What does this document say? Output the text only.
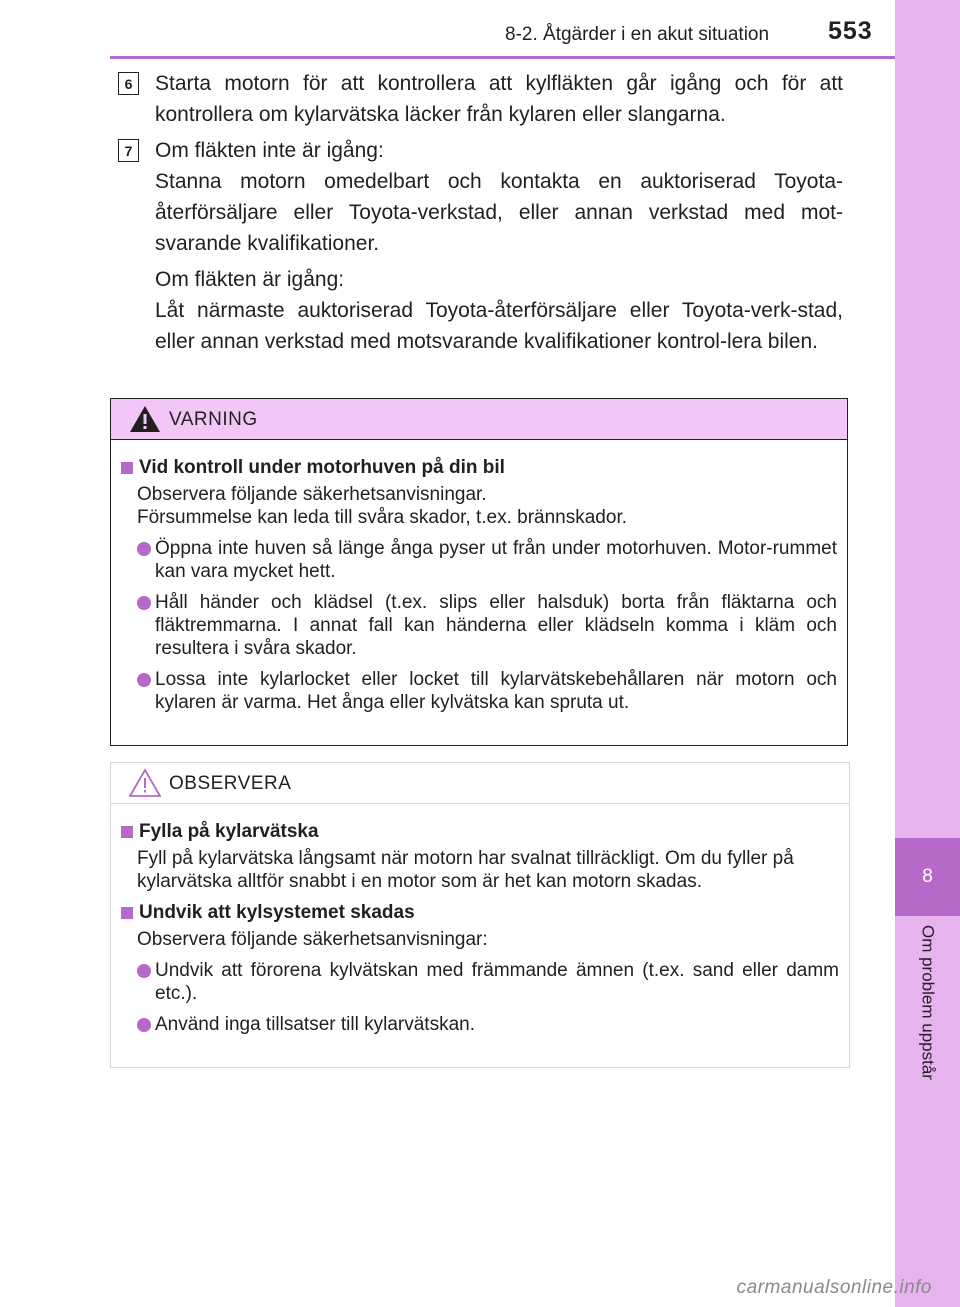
8
Om problem uppstår
8-2. Åtgärder i en akut situation 553
6	Starta motorn för att kontrollera att kylfläkten går igång och för att kontrollera om kylarvätska läcker från kylaren eller slangarna.

7	Om fläkten inte är igång:

Stanna motorn omedelbart och kontakta en auktoriserad Toyota-återförsäljare eller Toyota-verkstad, eller annan verkstad med mot-svarande kvalifikationer.

Om fläkten är igång:

Låt närmaste auktoriserad Toyota-återförsäljare eller Toyota-verk-stad, eller annan verkstad med motsvarande kvalifikationer kontrol-lera bilen.

VARNING
Vid kontroll under motorhuven på din bil
Observera följande säkerhetsanvisningar.
Försummelse kan leda till svåra skador, t.ex. brännskador.
Öppna inte huven så länge ånga pyser ut från under motorhuven. Motor-rummet kan vara mycket hett.
Håll händer och klädsel (t.ex. slips eller halsduk) borta från fläktarna och fläktremmarna. I annat fall kan händerna eller klädseln komma i kläm och resultera i svåra skador.
Lossa inte kylarlocket eller locket till kylarvätskebehållaren när motorn och kylaren är varma. Het ånga eller kylvätska kan spruta ut.
OBSERVERA
Fylla på kylarvätska
Fyll på kylarvätska långsamt när motorn har svalnat tillräckligt. Om du fyller på kylarvätska alltför snabbt i en motor som är het kan motorn skadas.
Undvik att kylsystemet skadas
Observera följande säkerhetsanvisningar:
Undvik att förorena kylvätskan med främmande ämnen (t.ex. sand eller damm etc.).
Använd inga tillsatser till kylarvätskan.
carmanualsonline.info
